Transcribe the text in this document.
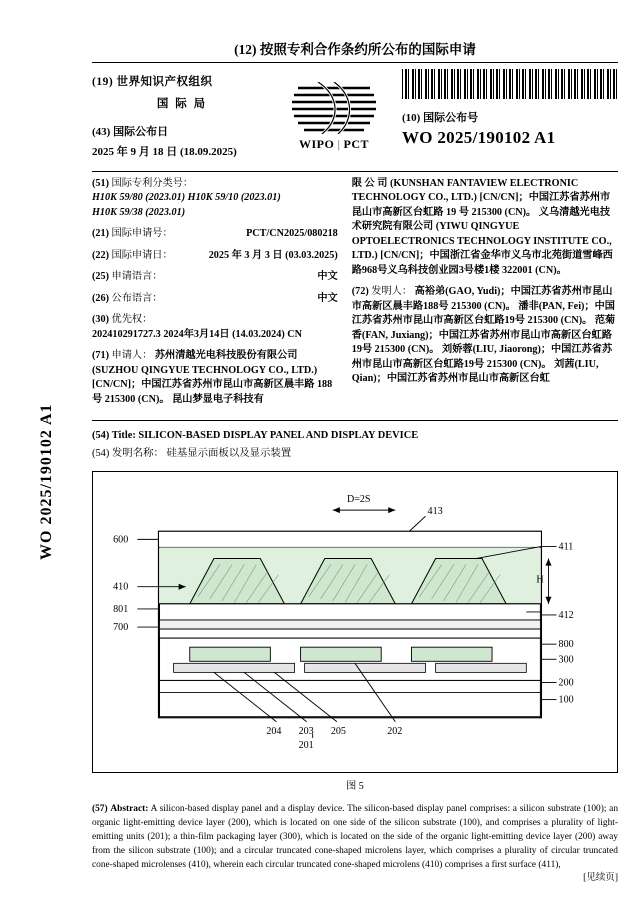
WO 2025/190102 A1
(12) 按照专利合作条约所公布的国际申请
(19) 世界知识产权组织
国 际 局
(43) 国际公布日
2025 年 9 月 18 日 (18.09.2025)
WIPO | PCT
(10) 国际公布号
WO 2025/190102 A1
(51) 国际专利分类号：
H10K 59/80 (2023.01) H10K 59/10 (2023.01)
H10K 59/38 (2023.01)
(21) 国际申请号：	PCT/CN2025/080218
(22) 国际申请日：	2025 年 3 月 3 日 (03.03.2025)
(25) 申请语言：	中文
(26) 公布语言：	中文
(30) 优先权：
202410291727.3 2024年3月14日 (14.03.2024) CN
(71) 申请人： 苏州清越光电科技股份有限公司 (SUZHOU QINGYUE TECHNOLOGY CO., LTD.) [CN/CN]；中国江苏省苏州市昆山市高新区晨丰路 188 号 215300 (CN)。 昆山梦显电子科技有
限 公 司 (KUNSHAN FANTAVIEW ELECTRONIC TECHNOLOGY CO., LTD.) [CN/CN]；中国江苏省苏州市昆山市高新区台虹路 19 号 215300 (CN)。 义乌清越光电技术研究院有限公司 (YIWU QINGYUE OPTOELECTRONICS TECHNOLOGY INSTITUTE CO., LTD.) [CN/CN]；中国浙江省金华市义乌市北苑街道雪峰西路968号义乌科技创业园3号楼1楼 322001 (CN)。
(72) 发明人： 高裕弟(GAO, Yudi)；中国江苏省苏州市昆山市高新区晨丰路188号 215300 (CN)。 潘非(PAN, Fei)；中国江苏省苏州市昆山市高新区台虹路19号 215300 (CN)。 范菊香(FAN, Juxiang)；中国江苏省苏州市昆山市高新区台虹路19号 215300 (CN)。 刘娇蓉(LIU, Jiaorong)；中国江苏省苏州市昆山市高新区台虹路19号 215300 (CN)。 刘茜(LIU, Qian)；中国江苏省苏州市昆山市高新区台虹
(54) Title: SILICON-BASED DISPLAY PANEL AND DISPLAY DEVICE
(54) 发明名称： 硅基显示面板以及显示装置
D=2S
413
600
410
801
700
411
412
800
300
200
100
H
204 203 205	202
201
图 5
(57) Abstract: A silicon-based display panel and a display device. The silicon-based display panel comprises: a silicon substrate (100); an organic light-emitting device layer (200), which is located on one side of the silicon substrate (100), and comprises a plurality of light-emitting units (201); a thin-film packaging layer (300), which is located on the side of the organic light-emitting device layer (200) away from the silicon substrate (100); and a circular truncated cone-shaped microlens layer, which comprises a plurality of circular truncated cone-shaped microlenses (410), wherein each circular truncated cone-shaped microlens (410) comprises a first surface (411),
[见续页]
